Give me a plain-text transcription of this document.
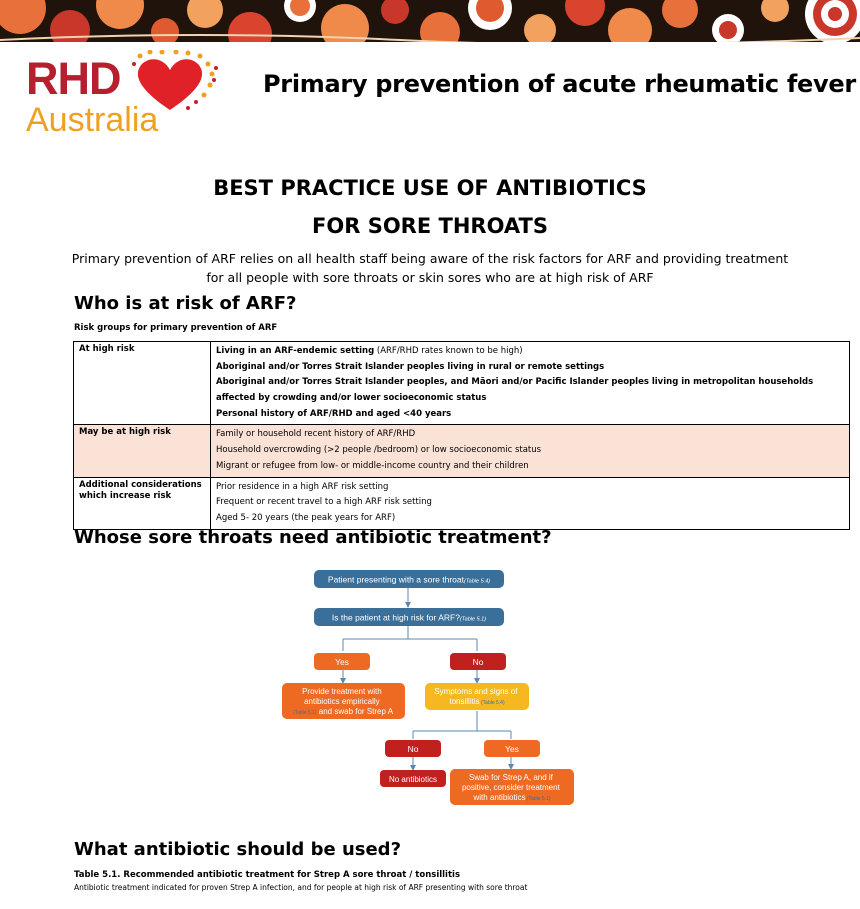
RHD
Australia
Primary prevention of acute rheumatic fever
BEST PRACTICE USE OF ANTIBIOTICS
FOR SORE THROATS
Primary prevention of ARF relies on all health staff being aware of the risk factors for ARF and providing treatment for all people with sore throats or skin sores who are at high risk of ARF
Who is at risk of ARF?
Risk groups for primary prevention of ARF
At high risk	Living in an ARF-endemic setting (ARF/RHD rates known to be high)
Aboriginal and/or Torres Strait Islander peoples living in rural or remote settings
Aboriginal and/or Torres Strait Islander peoples, and Māori and/or Pacific Islander peoples living in metropolitan households affected by crowding and/or lower socioeconomic status
Personal history of ARF/RHD and aged <40 years

May be at high risk	Family or household recent history of ARF/RHD
Household overcrowding (>2 people /bedroom) or low socioeconomic status
Migrant or refugee from low- or middle-income country and their children

Additional considerations which increase risk	Prior residence in a high ARF risk setting
Frequent or recent travel to a high ARF risk setting
Aged 5- 20 years (the peak years for ARF)
Whose sore throats need antibiotic treatment?
Patient presenting with a sore throat(Table 5.4)
Is the patient at high risk for ARF?(Table 5.1)
Yes	No
Provide treatment with antibiotics empirically (Table 5.1) and swab for Strep A
Symptoms and signs of tonsillitis (Table 5.4)
No	Yes
No antibiotics	Swab for Strep A, and if positive, consider treatment with antibiotics (Table 5.1)
What antibiotic should be used?
Table 5.1. Recommended antibiotic treatment for Strep A sore throat / tonsillitis
Antibiotic treatment indicated for proven Strep A infection, and for people at high risk of ARF presenting with sore throat
